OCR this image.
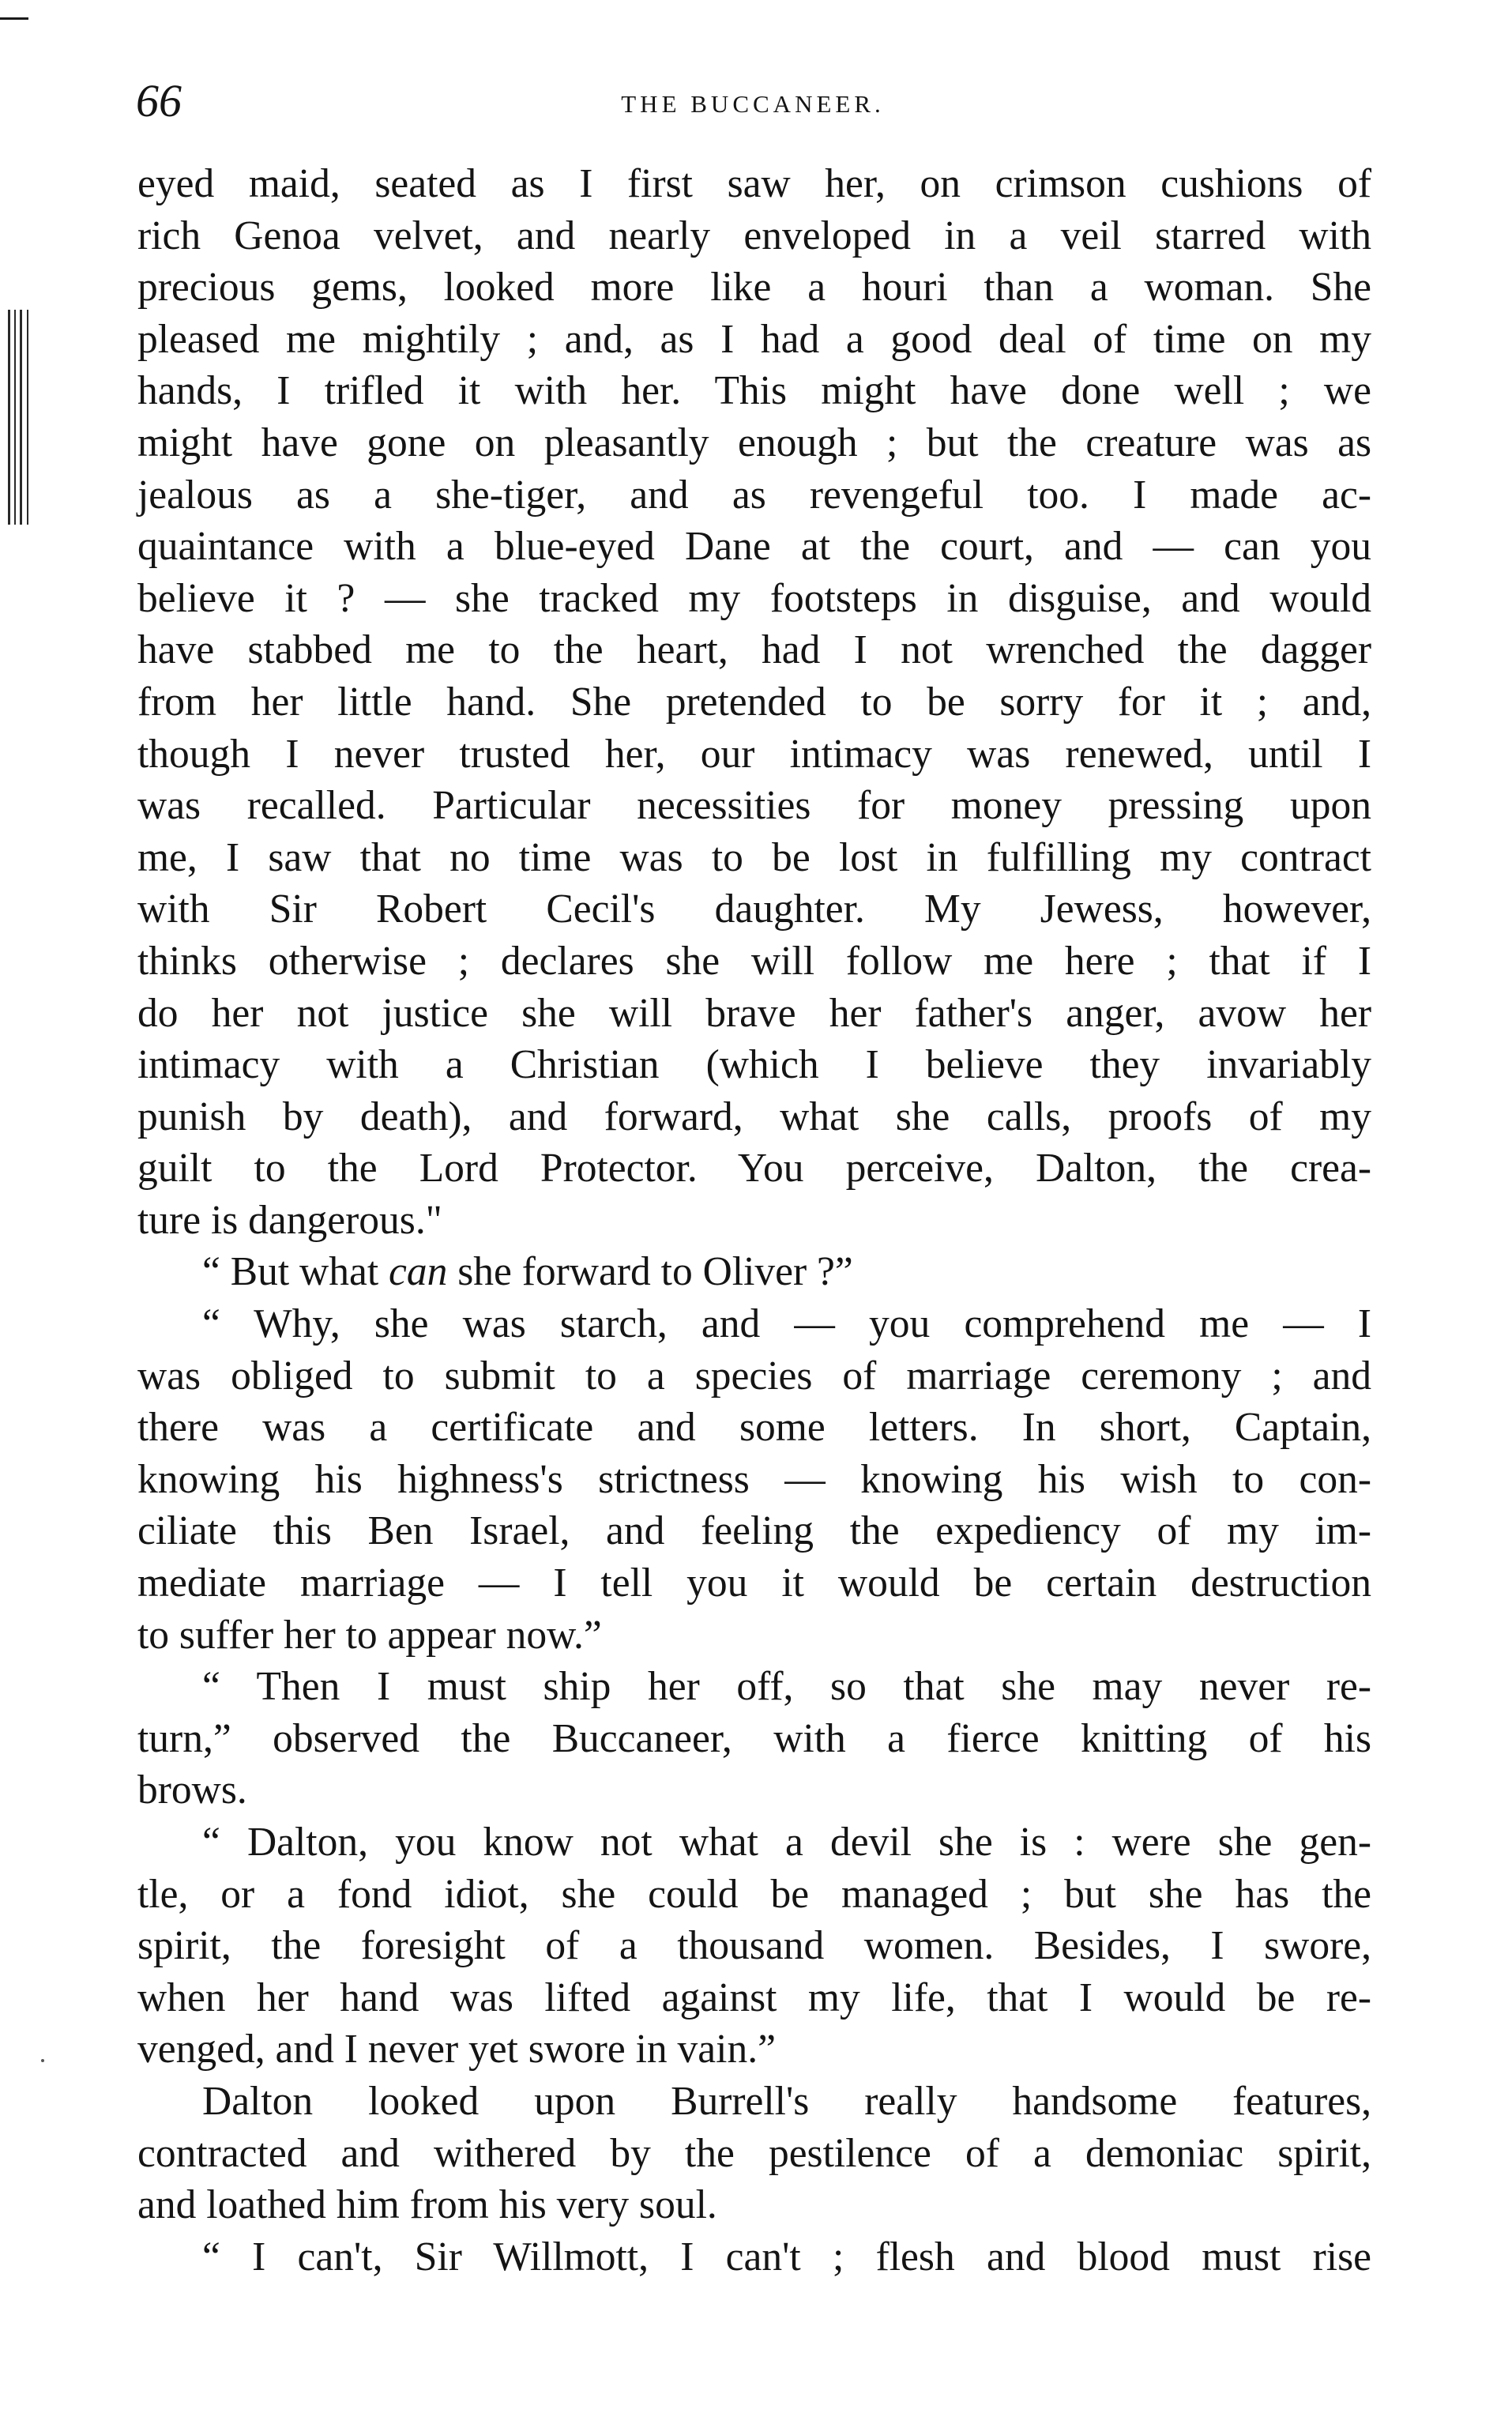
66	THE BUCCANEER.
eyed maid, seated as I first saw her, on crimson cushions of
rich Genoa velvet, and nearly enveloped in a veil starred with
precious gems, looked more like a houri than a woman. She
pleased me mightily ; and, as I had a good deal of time on my
hands, I trifled it with her. This might have done well ; we
might have gone on pleasantly enough ; but the creature was as
jealous as a she-tiger, and as revengeful too. I made ac-
quaintance with a blue-eyed Dane at the court, and — can you
believe it ? — she tracked my footsteps in disguise, and would
have stabbed me to the heart, had I not wrenched the dagger
from her little hand. She pretended to be sorry for it ; and,
though I never trusted her, our intimacy was renewed, until I
was recalled. Particular necessities for money pressing upon
me, I saw that no time was to be lost in fulfilling my contract
with Sir Robert Cecil's daughter. My Jewess, however,
thinks otherwise ; declares she will follow me here ; that if I
do her not justice she will brave her father's anger, avow her
intimacy with a Christian (which I believe they invariably
punish by death), and forward, what she calls, proofs of my
guilt to the Lord Protector. You perceive, Dalton, the crea-
ture is dangerous."
“ But what can she forward to Oliver ?”
“ Why, she was starch, and — you comprehend me — I
was obliged to submit to a species of marriage ceremony ; and
there was a certificate and some letters. In short, Captain,
knowing his highness's strictness — knowing his wish to con-
ciliate this Ben Israel, and feeling the expediency of my im-
mediate marriage — I tell you it would be certain destruction
to suffer her to appear now.”
“ Then I must ship her off, so that she may never re-
turn,” observed the Buccaneer, with a fierce knitting of his
brows.
“ Dalton, you know not what a devil she is : were she gen-
tle, or a fond idiot, she could be managed ; but she has the
spirit, the foresight of a thousand women. Besides, I swore,
when her hand was lifted against my life, that I would be re-
venged, and I never yet swore in vain.”
Dalton looked upon Burrell's really handsome features,
contracted and withered by the pestilence of a demoniac spirit,
and loathed him from his very soul.
“ I can't, Sir Willmott, I can't ; flesh and blood must rise
